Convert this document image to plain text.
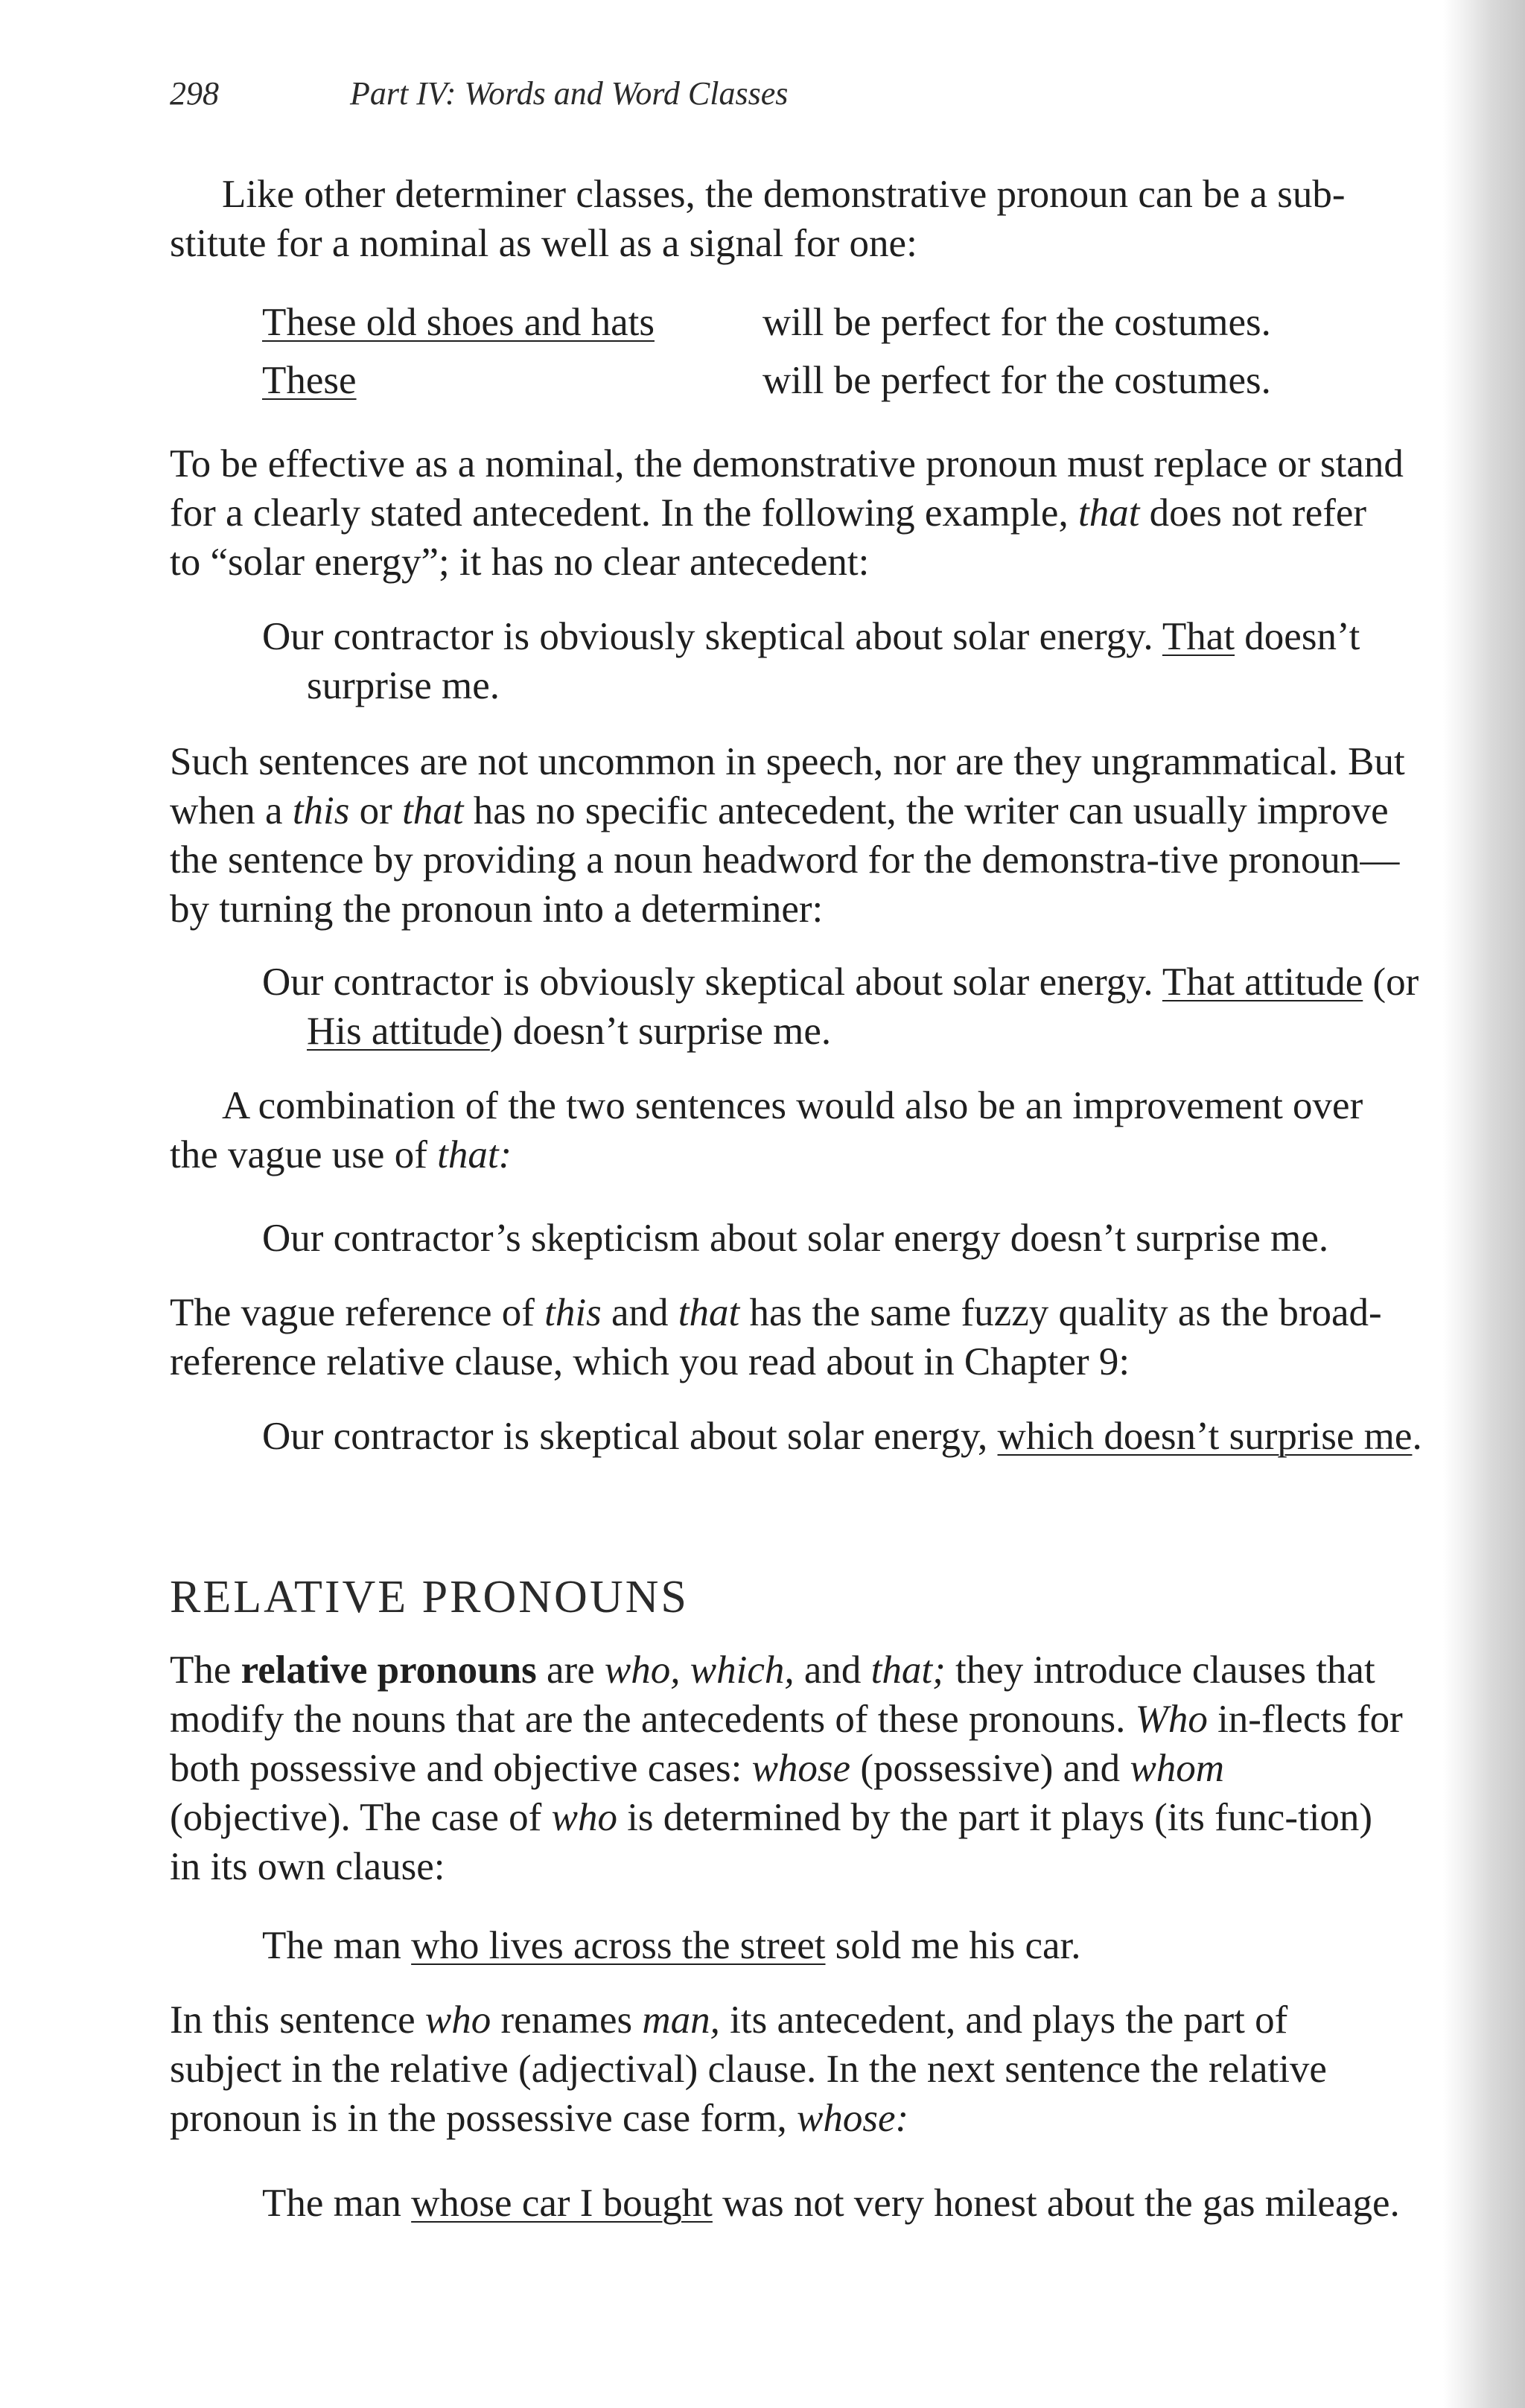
298	Part IV: Words and Word Classes
Like other determiner classes, the demonstrative pronoun can be a sub-stitute for a nominal as well as a signal for one:
These old shoes and hats	will be perfect for the costumes.
These	will be perfect for the costumes.
To be effective as a nominal, the demonstrative pronoun must replace or stand for a clearly stated antecedent. In the following example, that does not refer to “solar energy”; it has no clear antecedent:
Our contractor is obviously skeptical about solar energy. That doesn’t surprise me.
Such sentences are not uncommon in speech, nor are they ungrammatical. But when a this or that has no specific antecedent, the writer can usually improve the sentence by providing a noun headword for the demonstra-tive pronoun—by turning the pronoun into a determiner:
Our contractor is obviously skeptical about solar energy. That attitude (or His attitude) doesn’t surprise me.
A combination of the two sentences would also be an improvement over the vague use of that:
Our contractor’s skepticism about solar energy doesn’t surprise me.
The vague reference of this and that has the same fuzzy quality as the broad-reference relative clause, which you read about in Chapter 9:
Our contractor is skeptical about solar energy, which doesn’t surprise me.
RELATIVE PRONOUNS
The relative pronouns are who, which, and that; they introduce clauses that modify the nouns that are the antecedents of these pronouns. Who in-flects for both possessive and objective cases: whose (possessive) and whom (objective). The case of who is determined by the part it plays (its func-tion) in its own clause:
The man who lives across the street sold me his car.
In this sentence who renames man, its antecedent, and plays the part of subject in the relative (adjectival) clause. In the next sentence the relative pronoun is in the possessive case form, whose:
The man whose car I bought was not very honest about the gas mileage.
